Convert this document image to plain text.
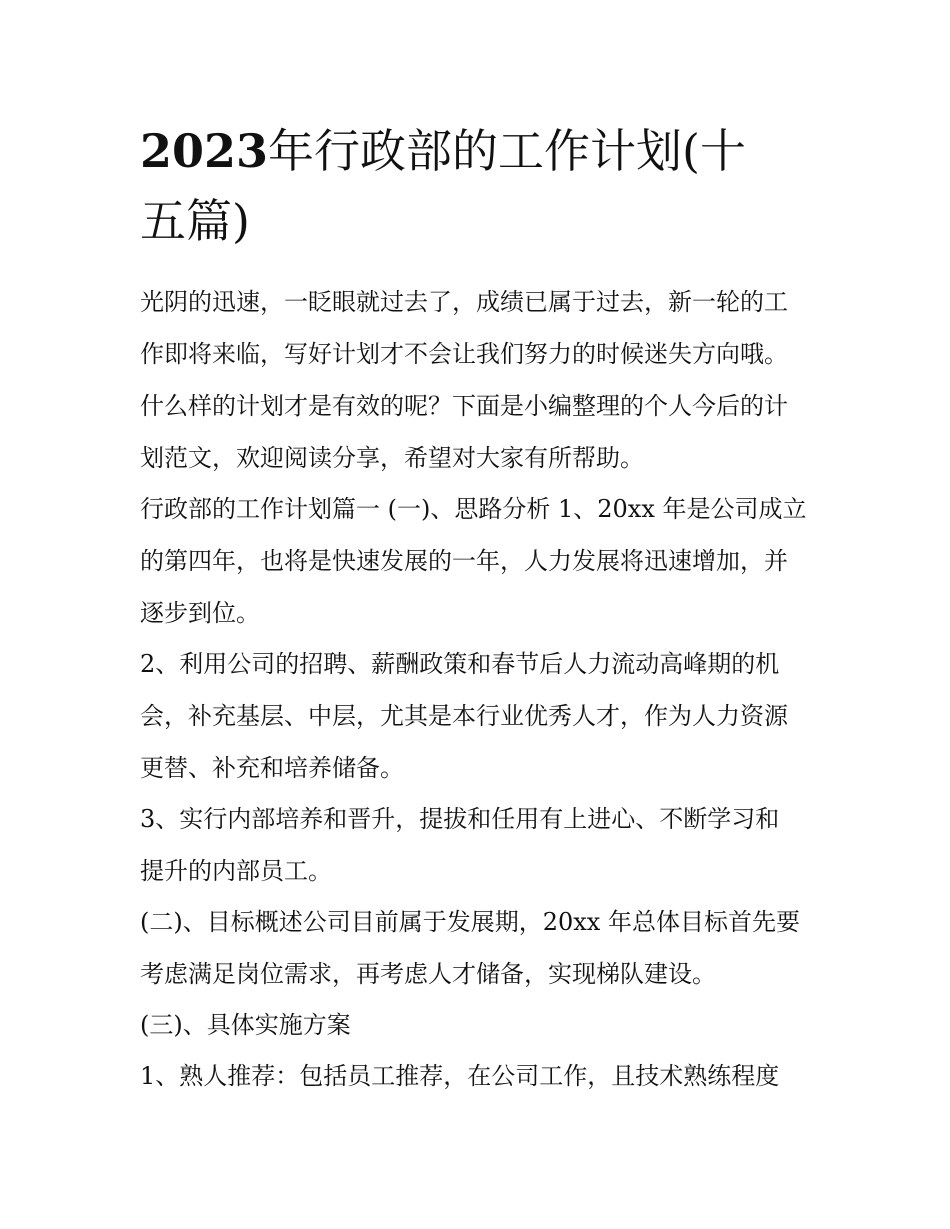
2023年行政部的工作计划(十
五篇)
光阴的迅速，一眨眼就过去了，成绩已属于过去，新一轮的工
作即将来临，写好计划才不会让我们努力的时候迷失方向哦。
什么样的计划才是有效的呢？下面是小编整理的个人今后的计
划范文，欢迎阅读分享，希望对大家有所帮助。
行政部的工作计划篇一 (一)、思路分析 1、20xx 年是公司成立
的第四年，也将是快速发展的一年，人力发展将迅速增加，并
逐步到位。
2、利用公司的招聘、薪酬政策和春节后人力流动高峰期的机
会，补充基层、中层，尤其是本行业优秀人才，作为人力资源
更替、补充和培养储备。
3、实行内部培养和晋升，提拔和任用有上进心、不断学习和
提升的内部员工。
(二)、目标概述公司目前属于发展期，20xx 年总体目标首先要
考虑满足岗位需求，再考虑人才储备，实现梯队建设。
(三)、具体实施方案
1、熟人推荐：包括员工推荐，在公司工作，且技术熟练程度
